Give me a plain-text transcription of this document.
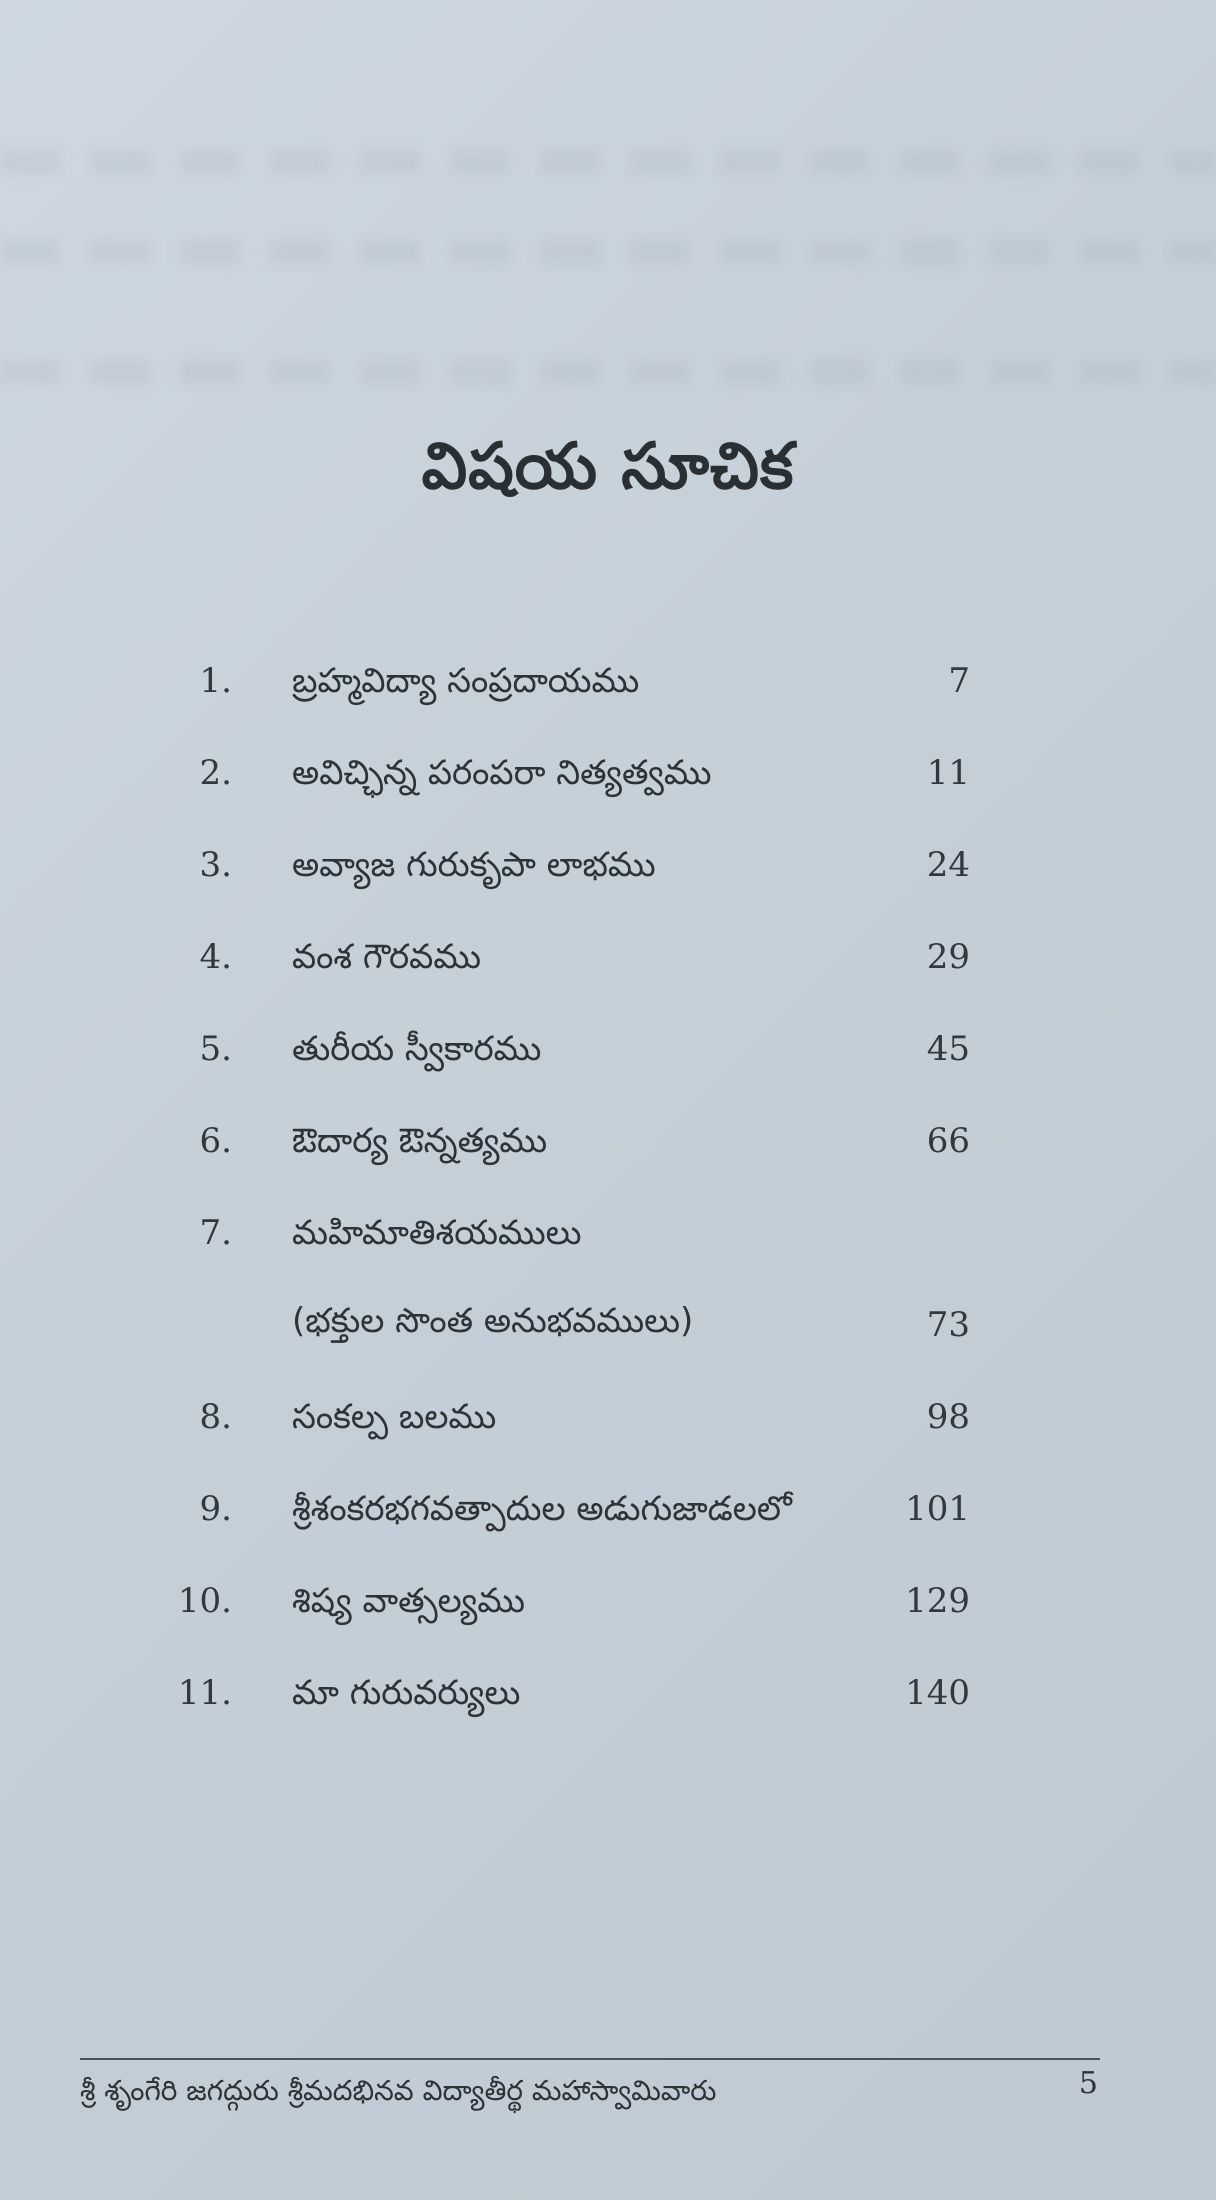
విషయ సూచిక
1. బ్రహ్మవిద్యా సంప్రదాయము	7
2. అవిచ్ఛిన్న పరంపరా నిత్యత్వము	11
3. అవ్యాజ గురుకృపా లాభము	24
4. వంశ గౌరవము	29
5. తురీయ స్వీకారము	45
6. ఔదార్య ఔన్నత్యము	66
7. మహిమాతిశయములు
(భక్తుల సొంత అనుభవములు)	73
8. సంకల్ప బలము	98
9. శ్రీశంకరభగవత్పాదుల అడుగుజాడలలో	101
10. శిష్య వాత్సల్యము	129
11. మా గురువర్యులు	140
శ్రీ శృంగేరి జగద్గురు శ్రీమదభినవ విద్యాతీర్థ మహాస్వామివారు	5
